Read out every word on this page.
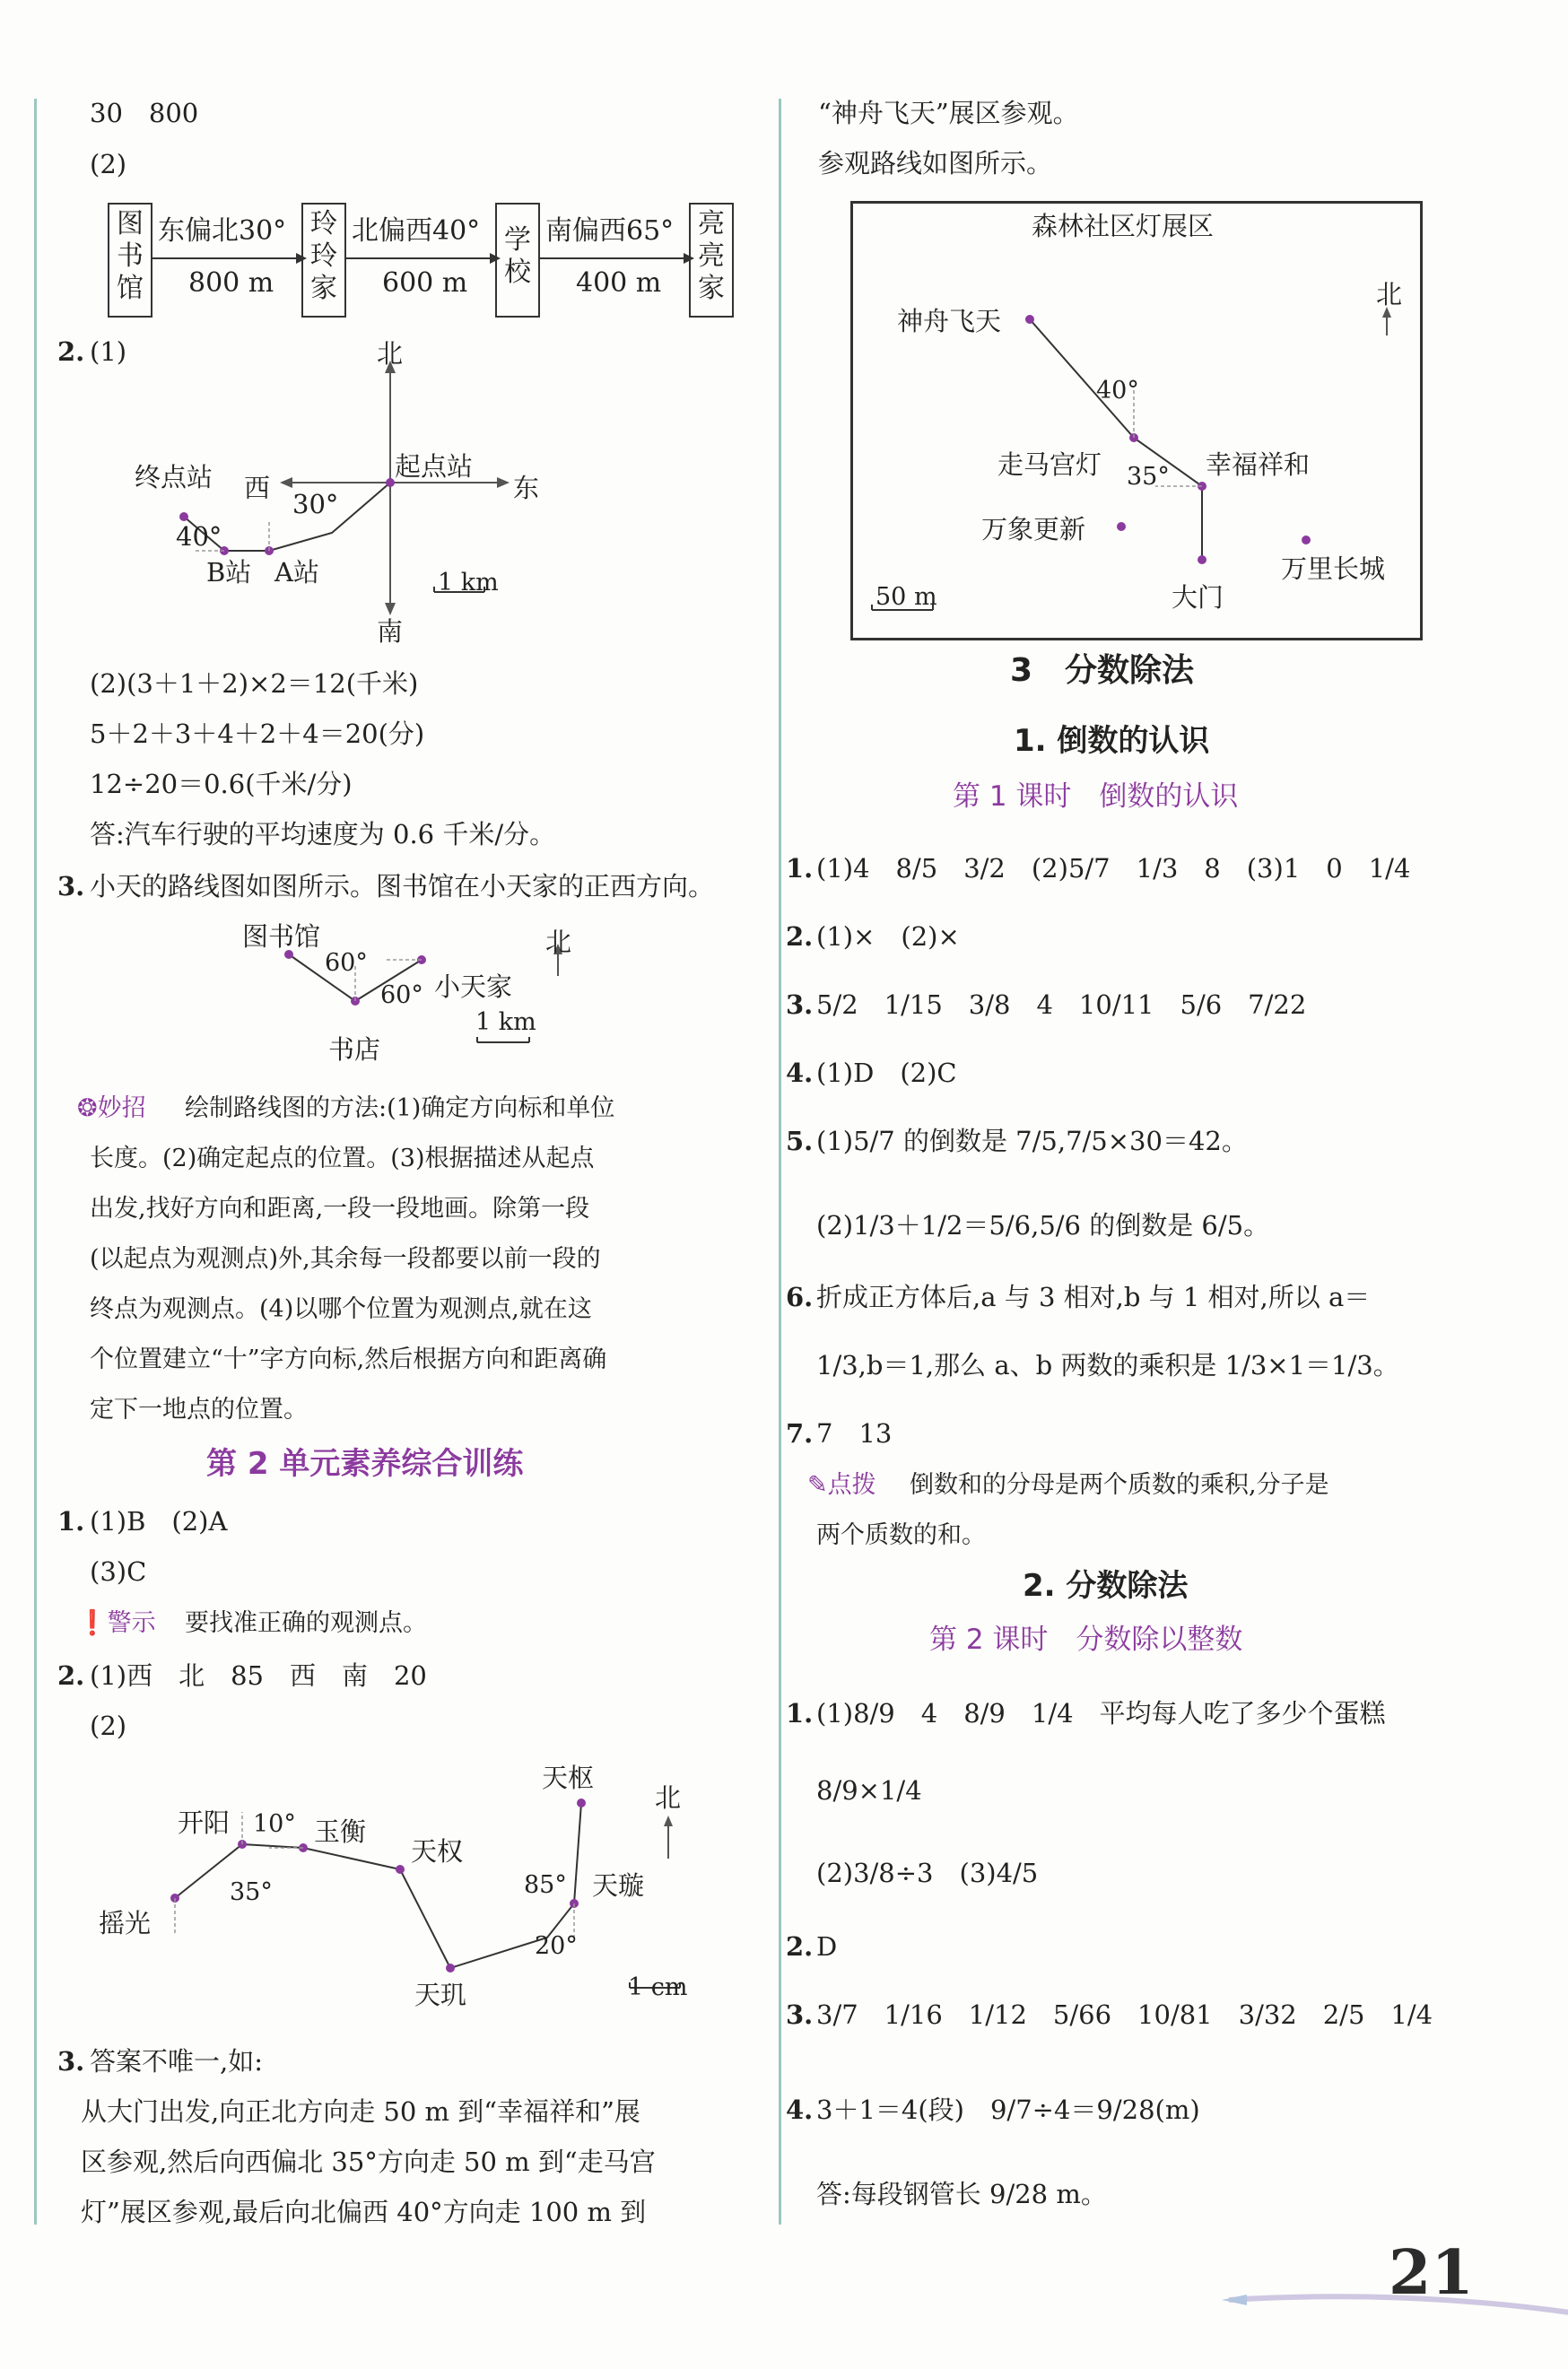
30　800
(2)
图书馆
玲玲家
学校
亮亮家
东偏北30°
800 m
北偏西40°
600 m
南偏西65°
400 m
2. (1)	北
东
西
南
起点站
终点站
30°
40°
B站 A站	1 km
(2)(3＋1＋2)×2＝12(千米)
5＋2＋3＋4＋2＋4＝20(分)
12÷20＝0.6(千米/分)
答:汽车行驶的平均速度为 0.6 千米/分。
3. 小天的路线图如图所示。图书馆在小天家的正西方向。
图书馆
60°
60° 小天家
北
1 km
书店
❂妙招 绘制路线图的方法:(1)确定方向标和单位
长度。(2)确定起点的位置。(3)根据描述从起点
出发,找好方向和距离,一段一段地画。除第一段
(以起点为观测点)外,其余每一段都要以前一段的
终点为观测点。(4)以哪个位置为观测点,就在这
个位置建立“十”字方向标,然后根据方向和距离确
定下一地点的位置。
第 2 单元素养综合训练
1. (1)B　(2)A
(3)C
❗警示 要找准正确的观测点。
2. (1)西　北　85　西　南　20
(2)
天枢
北
开阳 10° 玉衡
天权
85° 天璇
35°
摇光
20°
天玑	1 cm
3. 答案不唯一,如:
从大门出发,向正北方向走 50 m 到“幸福祥和”展
区参观,然后向西偏北 35°方向走 50 m 到“走马宫
灯”展区参观,最后向北偏西 40°方向走 100 m 到
“神舟飞天”展区参观。
参观路线如图所示。
森林社区灯展区
北
神舟飞天
40°
走马宫灯 35° 幸福祥和
万象更新
万里长城
大门
50 m
3　分数除法
1. 倒数的认识
第 1 课时　倒数的认识
1. (1)4　8/5　3/2　(2)5/7　1/3　8　(3)1　0　1/4
2. (1)×　(2)×
3. 5/2　1/15　3/8　4　10/11　5/6　7/22
4. (1)D　(2)C
5. (1)5/7 的倒数是 7/5,7/5×30＝42。
(2)1/3＋1/2＝5/6,5/6 的倒数是 6/5。
6. 折成正方体后,a 与 3 相对,b 与 1 相对,所以 a＝
1/3,b＝1,那么 a、b 两数的乘积是 1/3×1＝1/3。
7. 7　13
✎点拨 倒数和的分母是两个质数的乘积,分子是
两个质数的和。
2. 分数除法
第 2 课时　分数除以整数
1. (1)8/9　4　8/9　1/4　平均每人吃了多少个蛋糕
8/9×1/4
(2)3/8÷3　(3)4/5
2. D
3. 3/7　1/16　1/12　5/66　10/81　3/32　2/5　1/4
4. 3＋1＝4(段)　9/7÷4＝9/28(m)
答:每段钢管长 9/28 m。
21
